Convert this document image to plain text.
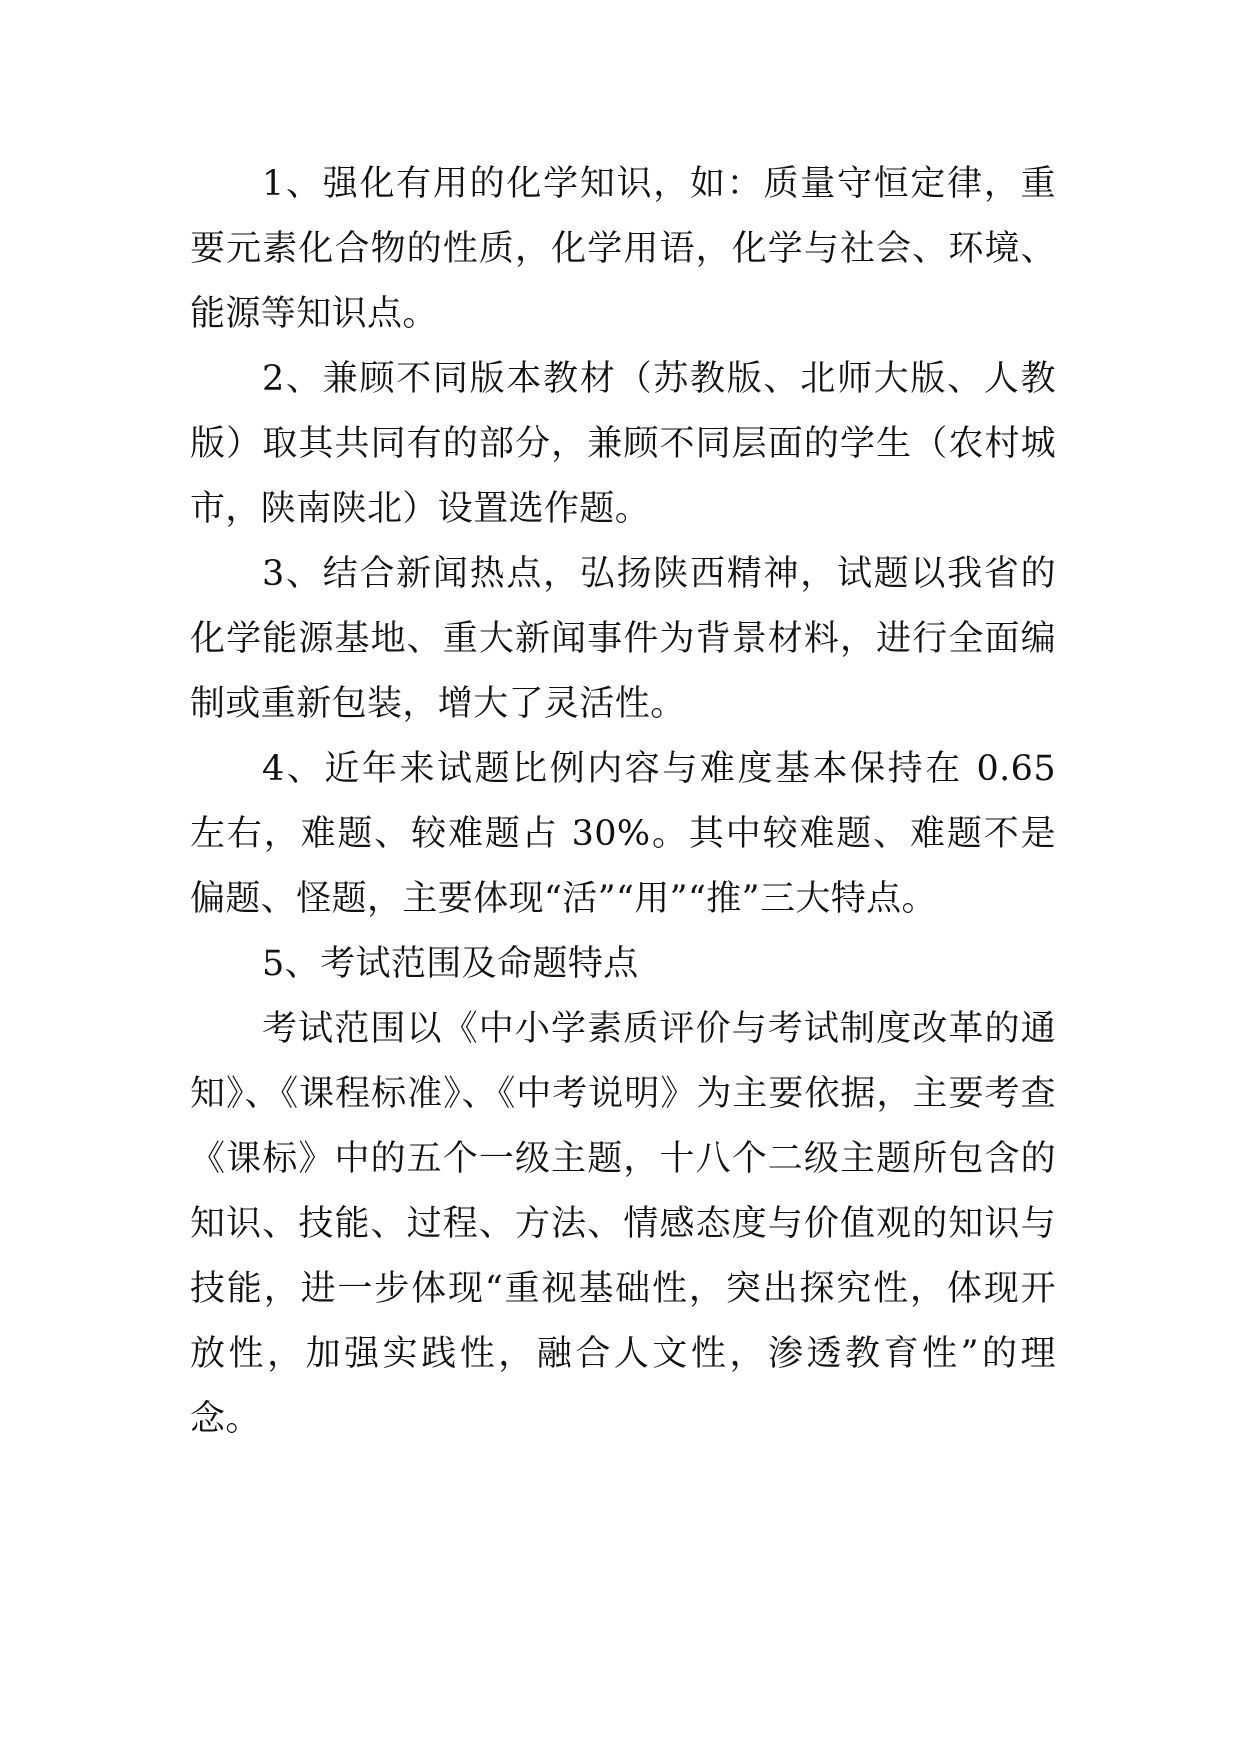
1、强化有用的化学知识，如：质量守恒定律，重要元素化合物的性质，化学用语，化学与社会、环境、能源等知识点。

2、兼顾不同版本教材（苏教版、北师大版、人教版）取其共同有的部分，兼顾不同层面的学生（农村城市，陕南陕北）设置选作题。

3、结合新闻热点，弘扬陕西精神，试题以我省的化学能源基地、重大新闻事件为背景材料，进行全面编制或重新包装，增大了灵活性。

4、近年来试题比例内容与难度基本保持在 0.65 左右，难题、较难题占 30%。其中较难题、难题不是偏题、怪题，主要体现“活”“用”“推”三大特点。

5、考试范围及命题特点

考试范围以《中小学素质评价与考试制度改革的通知》、《课程标准》、《中考说明》为主要依据，主要考查《课标》中的五个一级主题，十八个二级主题所包含的知识、技能、过程、方法、情感态度与价值观的知识与技能，进一步体现“重视基础性，突出探究性，体现开放性，加强实践性，融合人文性，渗透教育性”的理念。
